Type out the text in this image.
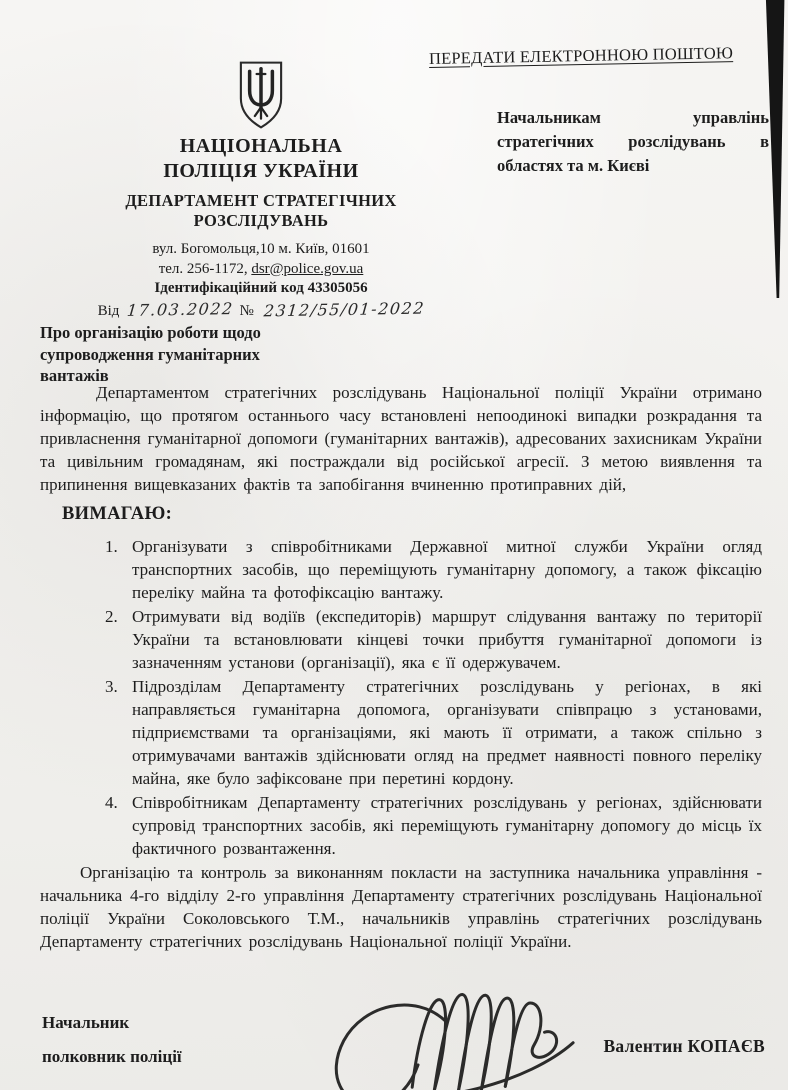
ПЕРЕДАТИ ЕЛЕКТРОННОЮ ПОШТОЮ
НАЦІОНАЛЬНА
ПОЛІЦІЯ УКРАЇНИ
ДЕПАРТАМЕНТ СТРАТЕГІЧНИХ
РОЗСЛІДУВАНЬ
вул. Богомольця,10 м. Київ, 01601
тел. 256-1172, dsr@police.gov.ua
Ідентифікаційний код 43305056
Від 17.03.2022 № 2312/55/01-2022
Начальникам управлінь стратегічних розслідувань в областях та м. Києві
Про організацію роботи щодо супроводження гуманітарних вантажів

Департаментом стратегічних розслідувань Національної поліції України отримано інформацію, що протягом останнього часу встановлені непоодинокі випадки розкрадання та привласнення гуманітарної допомоги (гуманітарних вантажів), адресованих захисникам України та цивільним громадянам, які постраждали від російської агресії. З метою виявлення та припинення вищевказаних фактів та запобігання вчиненню протиправних дій,

ВИМАГАЮ:
1. Організувати з співробітниками Державної митної служби України огляд транспортних засобів, що переміщують гуманітарну допомогу, а також фіксацію переліку майна та фотофіксацію вантажу.
2. Отримувати від водіїв (експедиторів) маршрут слідування вантажу по території України та встановлювати кінцеві точки прибуття гуманітарної допомоги із зазначенням установи (організації), яка є її одержувачем.
3. Підрозділам Департаменту стратегічних розслідувань у регіонах, в які направляється гуманітарна допомога, організувати співпрацю з установами, підприємствами та організаціями, які мають її отримати, а також спільно з отримувачами вантажів здійснювати огляд на предмет наявності повного переліку майна, яке було зафіксоване при перетині кордону.
4. Співробітникам Департаменту стратегічних розслідувань у регіонах, здійснювати супровід транспортних засобів, які переміщують гуманітарну допомогу до місць їх фактичного розвантаження.

Організацію та контроль за виконанням покласти на заступника начальника управління - начальника 4-го відділу 2-го управління Департаменту стратегічних розслідувань Національної поліції України Соколовського Т.М., начальників управлінь стратегічних розслідувань Департаменту стратегічних розслідувань Національної поліції України.

Начальник
полковник поліції
Валентин КОПАЄВ
